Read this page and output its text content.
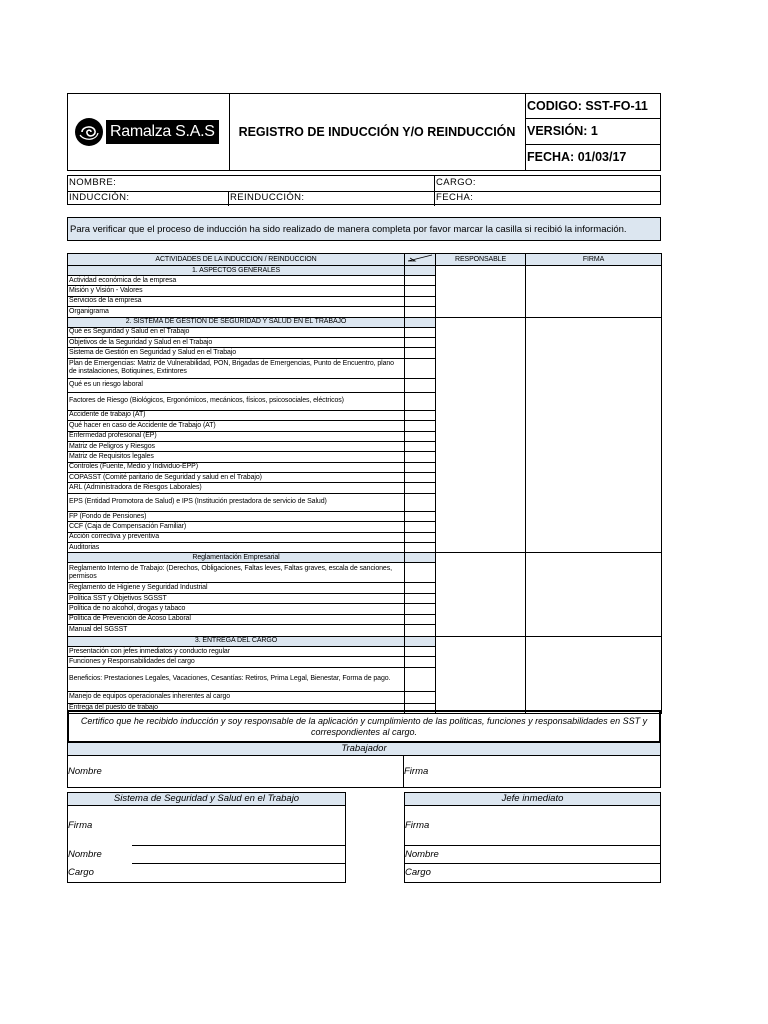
Ramalza S.A.S	REGISTRO DE INDUCCIÓN Y/O REINDUCCIÓN
CODIGO: SST-FO-11
VERSIÓN: 1
FECHA: 01/03/17
NOMBRE:	CARGO:
INDUCCIÓN:	REINDUCCIÓN:	FECHA:
Para verificar que el proceso de inducción ha sido realizado de manera completa por favor marcar la casilla si recibió la información.
ACTIVIDADES DE LA INDUCCION / REINDUCCION		RESPONSABLE	FIRMA
1. ASPECTOS GENERALES			
Actividad económica de la empresa			
Misión y Visión - Valores			
Servicios de la empresa			
Organigrama			
2. SISTEMA DE GESTION DE SEGURIDAD Y SALUD EN EL TRABAJO			
Qué es Seguridad y Salud en el Trabajo			
Objetivos de la Seguridad y Salud en el Trabajo			
Sistema de Gestión en Seguridad y Salud en el Trabajo			
Plan de Emergencias: Matriz de Vulnerabilidad, PON, Brigadas de Emergencias, Punto de Encuentro, plano de instalaciones, Botiquines, Extintores			
Qué es un riesgo laboral			
Factores de Riesgo (Biológicos, Ergonómicos, mecánicos, físicos, psicosociales, eléctricos)			
Accidente de trabajo (AT)			
Qué hacer en caso de Accidente de Trabajo (AT)			
Enfermedad profesional (EP)			
Matriz de Peligros y Riesgos			
Matriz de Requisitos legales			
Controles (Fuente, Medio y Individuo-EPP)			
COPASST (Comité paritario de Seguridad y salud en el Trabajo)			
ARL (Administradora de Riesgos Laborales)			
EPS (Entidad Promotora de Salud) e IPS (Institución prestadora de servicio de Salud)			
FP (Fondo de Pensiones)			
CCF (Caja de Compensación Familiar)			
Acción correctiva y preventiva			
Auditorias			
Reglamentación Empresarial			
Reglamento Interno de Trabajo: (Derechos, Obligaciones, Faltas leves, Faltas graves, escala de sanciones, permisos			
Reglamento de Higiene y Seguridad Industrial			
Política SST y Objetivos SGSST			
Política de no alcohol, drogas y tabaco			
Política de Prevención de Acoso Laboral			
Manual del SGSST			
3. ENTREGA DEL CARGO			
Presentación con jefes inmediatos y conducto regular			
Funciones y Responsabilidades del cargo			
Beneficios: Prestaciones Legales, Vacaciones, Cesantías: Retiros, Prima Legal, Bienestar, Forma de pago.			
Manejo de equipos operacionales inherentes al cargo			
Entrega del puesto de trabajo			
Certifico que he recibido inducción y soy responsable de la aplicación y cumplimiento de las politicas, funciones y responsabilidades en SST y correspondientes al cargo.
Trabajador
Nombre	Firma
Sistema de Seguridad y Salud en el Trabajo
Firma
Nombre
Cargo
Jefe inmediato
Firma
Nombre
Cargo
